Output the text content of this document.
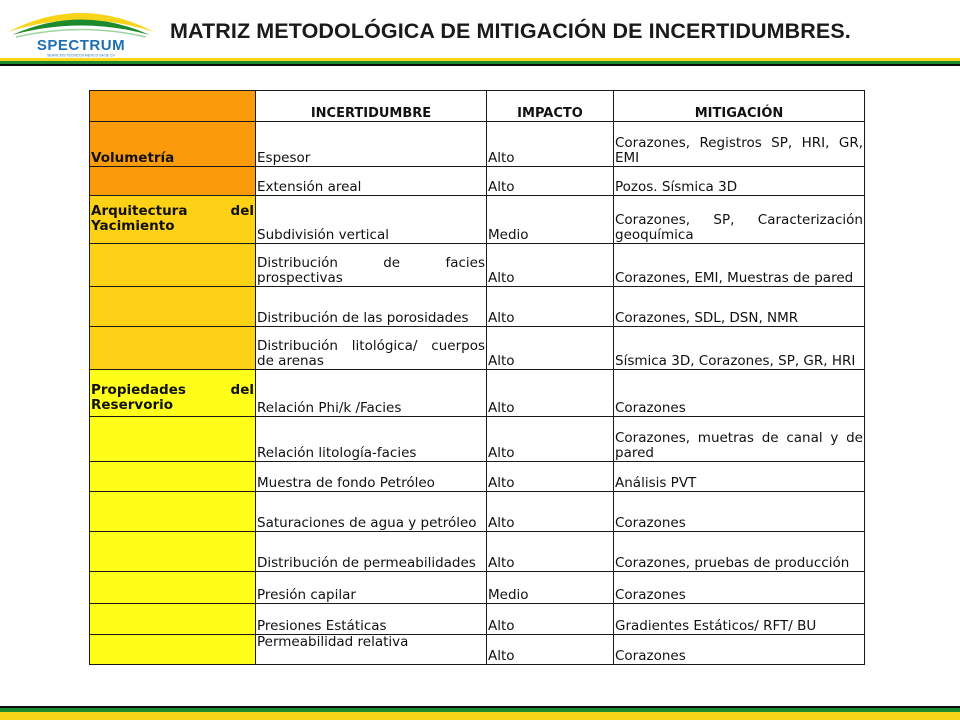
SPECTRUM
SERVICIOS TÉCNICOS MEXICO SA DE CV
MATRIZ METODOLÓGICA DE MITIGACIÓN DE INCERTIDUMBRES.
	INCERTIDUMBRE	IMPACTO	MITIGACIÓN
Volumetría	Espesor	Alto	Corazones, Registros SP, HRI, GR, EMI
	Extensión areal	Alto	Pozos. Sísmica 3D
Arquitectura del Yacimiento	Subdivisión vertical	Medio	Corazones, SP, Caracterización geoquímica
	Distribución de facies prospectivas	Alto	Corazones, EMI, Muestras de pared
	Distribución de las porosidades	Alto	Corazones, SDL, DSN, NMR
	Distribución litológica/ cuerpos de arenas	Alto	Sísmica 3D, Corazones, SP, GR, HRI
Propiedades del Reservorio	Relación Phi/k /Facies	Alto	Corazones
	Relación litología-facies	Alto	Corazones, muetras de canal y de pared
	Muestra de fondo Petróleo	Alto	Análisis PVT
	Saturaciones de agua y petróleo	Alto	Corazones
	Distribución de permeabilidades	Alto	Corazones, pruebas de producción
	Presión capilar	Medio	Corazones
	Presiones Estáticas	Alto	Gradientes Estáticos/ RFT/ BU
	Permeabilidad relativa	Alto	Corazones
